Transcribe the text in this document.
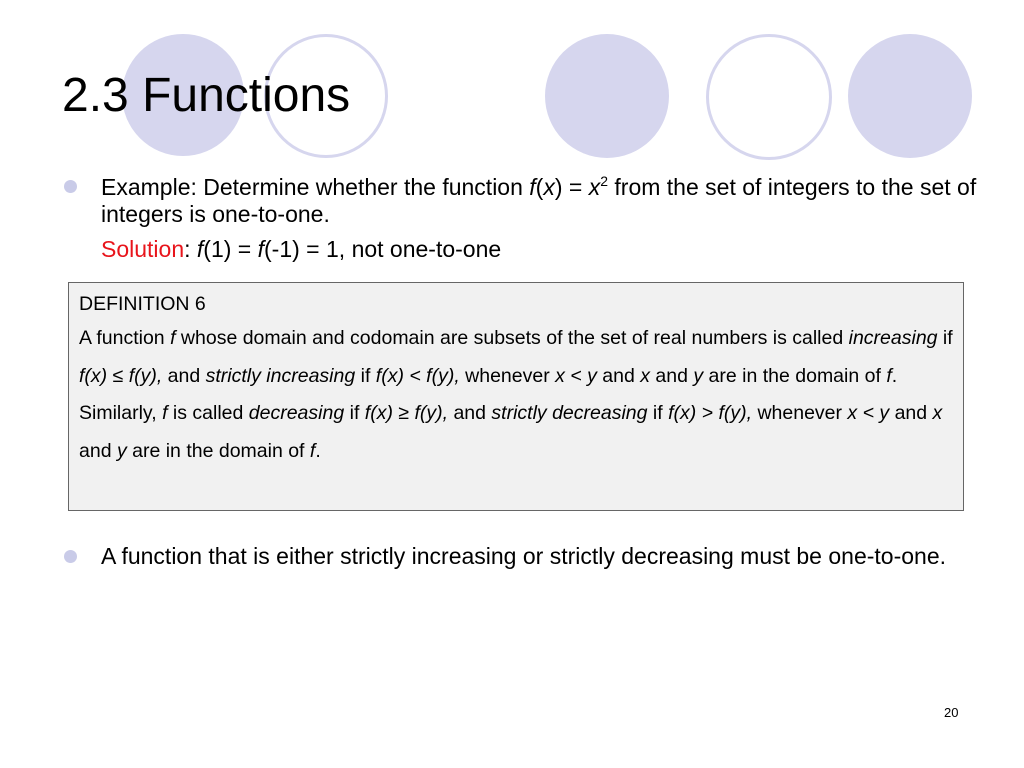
2.3 Functions
Example: Determine whether the function $f(x) = x^2$ from the set of integers to the set of integers is one-to-one.
Solution: f(1) = f(-1) = 1, not one-to-one
DEFINITION 6
A function f whose domain and codomain are subsets of the set of real numbers is called increasing if f(x) ≤ f(y), and strictly increasing if f(x) < f(y), whenever x < y and x and y are in the domain of f. Similarly, f is called decreasing if f(x) ≥ f(y), and strictly decreasing if f(x) > f(y), whenever x < y and x and y are in the domain of f.
A function that is either strictly increasing or strictly decreasing must be one-to-one.
20
